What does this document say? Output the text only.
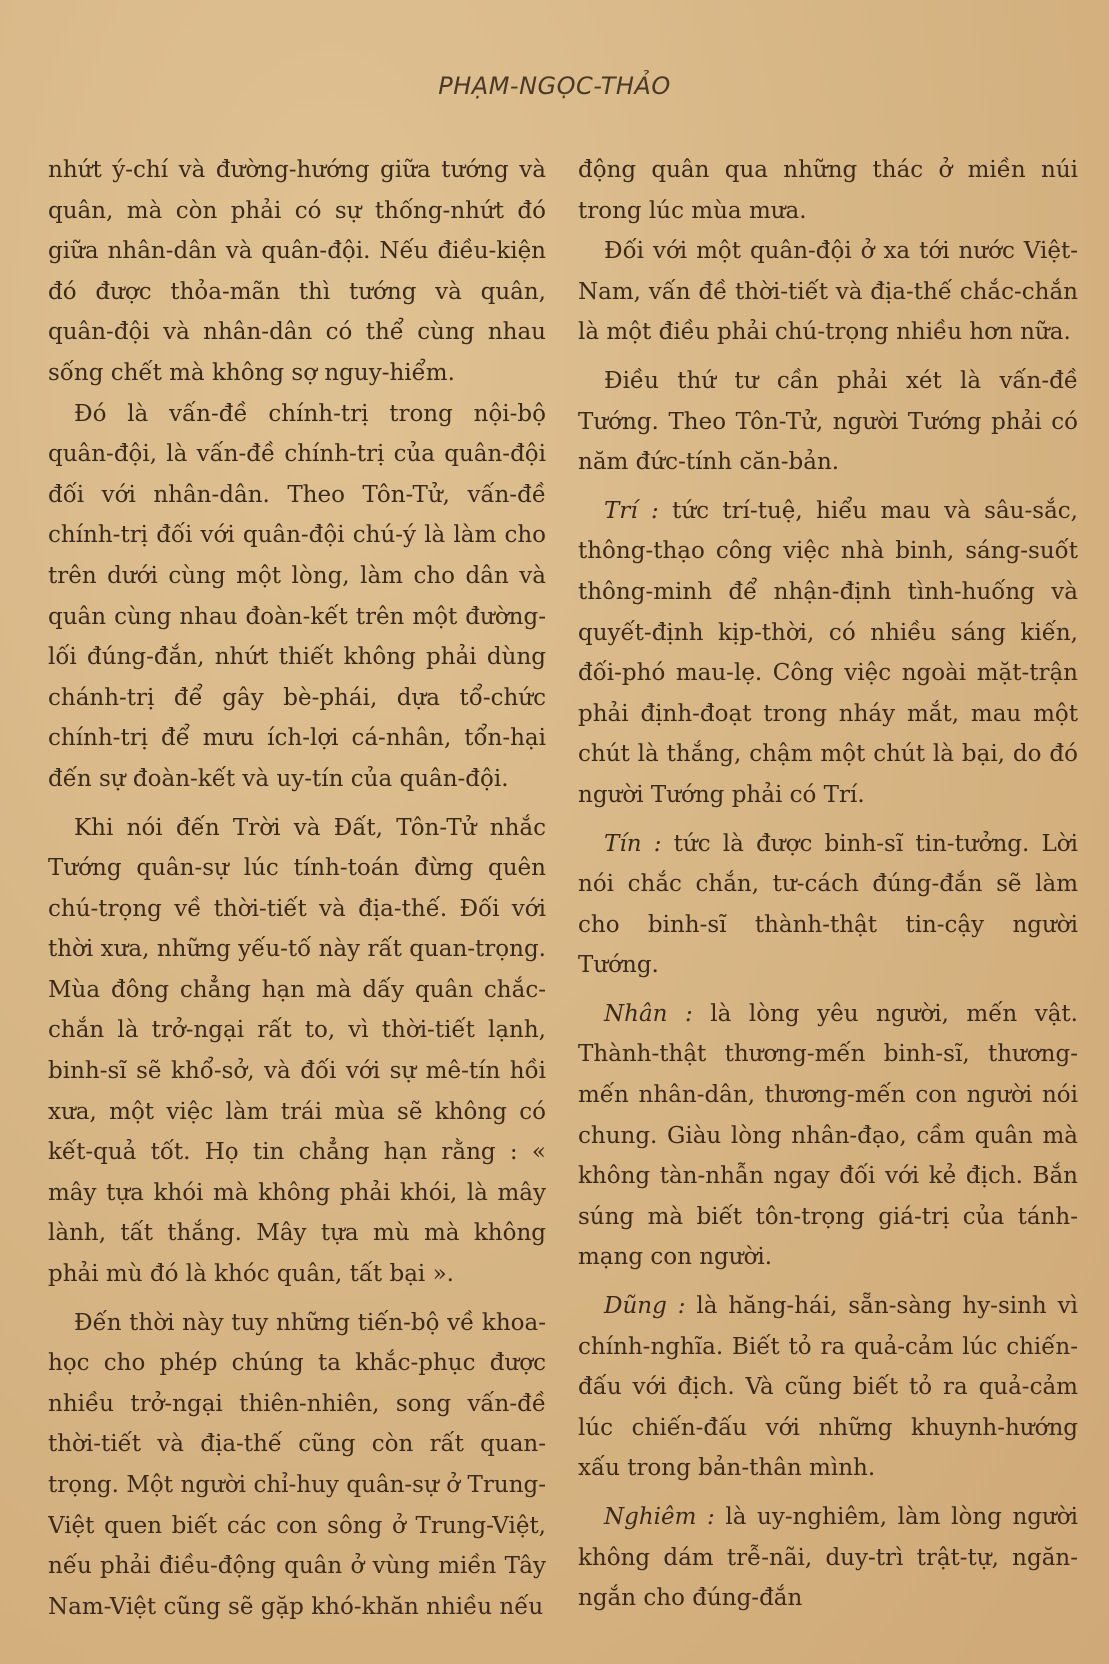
PHẠM-NGỌC-THẢO

nhứt ý-chí và đường-hướng giữa tướng và quân, mà còn phải có sự thống-nhứt đó giữa nhân-dân và quân-đội. Nếu điều-kiện đó được thỏa-mãn thì tướng và quân, quân-đội và nhân-dân có thể cùng nhau sống chết mà không sợ nguy-hiểm.

Đó là vấn-đề chính-trị trong nội-bộ quân-đội, là vấn-đề chính-trị của quân-đội đối với nhân-dân. Theo Tôn-Tử, vấn-đề chính-trị đối với quân-đội chú-ý là làm cho trên dưới cùng một lòng, làm cho dân và quân cùng nhau đoàn-kết trên một đường-lối đúng-đắn, nhứt thiết không phải dùng chánh-trị để gây bè-phái, dựa tổ-chức chính-trị để mưu ích-lợi cá-nhân, tổn-hại đến sự đoàn-kết và uy-tín của quân-đội.

Khi nói đến Trời và Đất, Tôn-Tử nhắc Tướng quân-sự lúc tính-toán đừng quên chú-trọng về thời-tiết và địa-thế. Đối với thời xưa, những yếu-tố này rất quan-trọng. Mùa đông chẳng hạn mà dấy quân chắc-chắn là trở-ngại rất to, vì thời-tiết lạnh, binh-sĩ sẽ khổ-sở, và đối với sự mê-tín hồi xưa, một việc làm trái mùa sẽ không có kết-quả tốt. Họ tin chẳng hạn rằng : « mây tựa khói mà không phải khói, là mây lành, tất thắng. Mây tựa mù mà không phải mù đó là khóc quân, tất bại ».

Đến thời này tuy những tiến-bộ về khoa-học cho phép chúng ta khắc-phục được nhiều trở-ngại thiên-nhiên, song vấn-đề thời-tiết và địa-thế cũng còn rất quan-trọng. Một người chỉ-huy quân-sự ở Trung-Việt quen biết các con sông ở Trung-Việt, nếu phải điều-động quân ở vùng miền Tây Nam-Việt cũng sẽ gặp khó-khăn nhiều nếu

động quân qua những thác ở miền núi trong lúc mùa mưa.

Đối với một quân-đội ở xa tới nước Việt-Nam, vấn đề thời-tiết và địa-thế chắc-chắn là một điều phải chú-trọng nhiều hơn nữa.

Điều thứ tư cần phải xét là vấn-đề Tướng. Theo Tôn-Tử, người Tướng phải có năm đức-tính căn-bản.

Trí : tức trí-tuệ, hiểu mau và sâu-sắc, thông-thạo công việc nhà binh, sáng-suốt thông-minh để nhận-định tình-huống và quyết-định kịp-thời, có nhiều sáng kiến, đối-phó mau-lẹ. Công việc ngoài mặt-trận phải định-đoạt trong nháy mắt, mau một chút là thắng, chậm một chút là bại, do đó người Tướng phải có Trí.

Tín : tức là được binh-sĩ tin-tưởng. Lời nói chắc chắn, tư-cách đúng-đắn sẽ làm cho binh-sĩ thành-thật tin-cậy người Tướng.

Nhân : là lòng yêu người, mến vật. Thành-thật thương-mến binh-sĩ, thương-mến nhân-dân, thương-mến con người nói chung. Giàu lòng nhân-đạo, cầm quân mà không tàn-nhẫn ngay đối với kẻ địch. Bắn súng mà biết tôn-trọng giá-trị của tánh-mạng con người.

Dũng : là hăng-hái, sẵn-sàng hy-sinh vì chính-nghĩa. Biết tỏ ra quả-cảm lúc chiến-đấu với địch. Và cũng biết tỏ ra quả-cảm lúc chiến-đấu với những khuynh-hướng xấu trong bản-thân mình.

Nghiêm : là uy-nghiêm, làm lòng người không dám trễ-nãi, duy-trì trật-tự, ngăn-ngắn cho đúng-đắn
